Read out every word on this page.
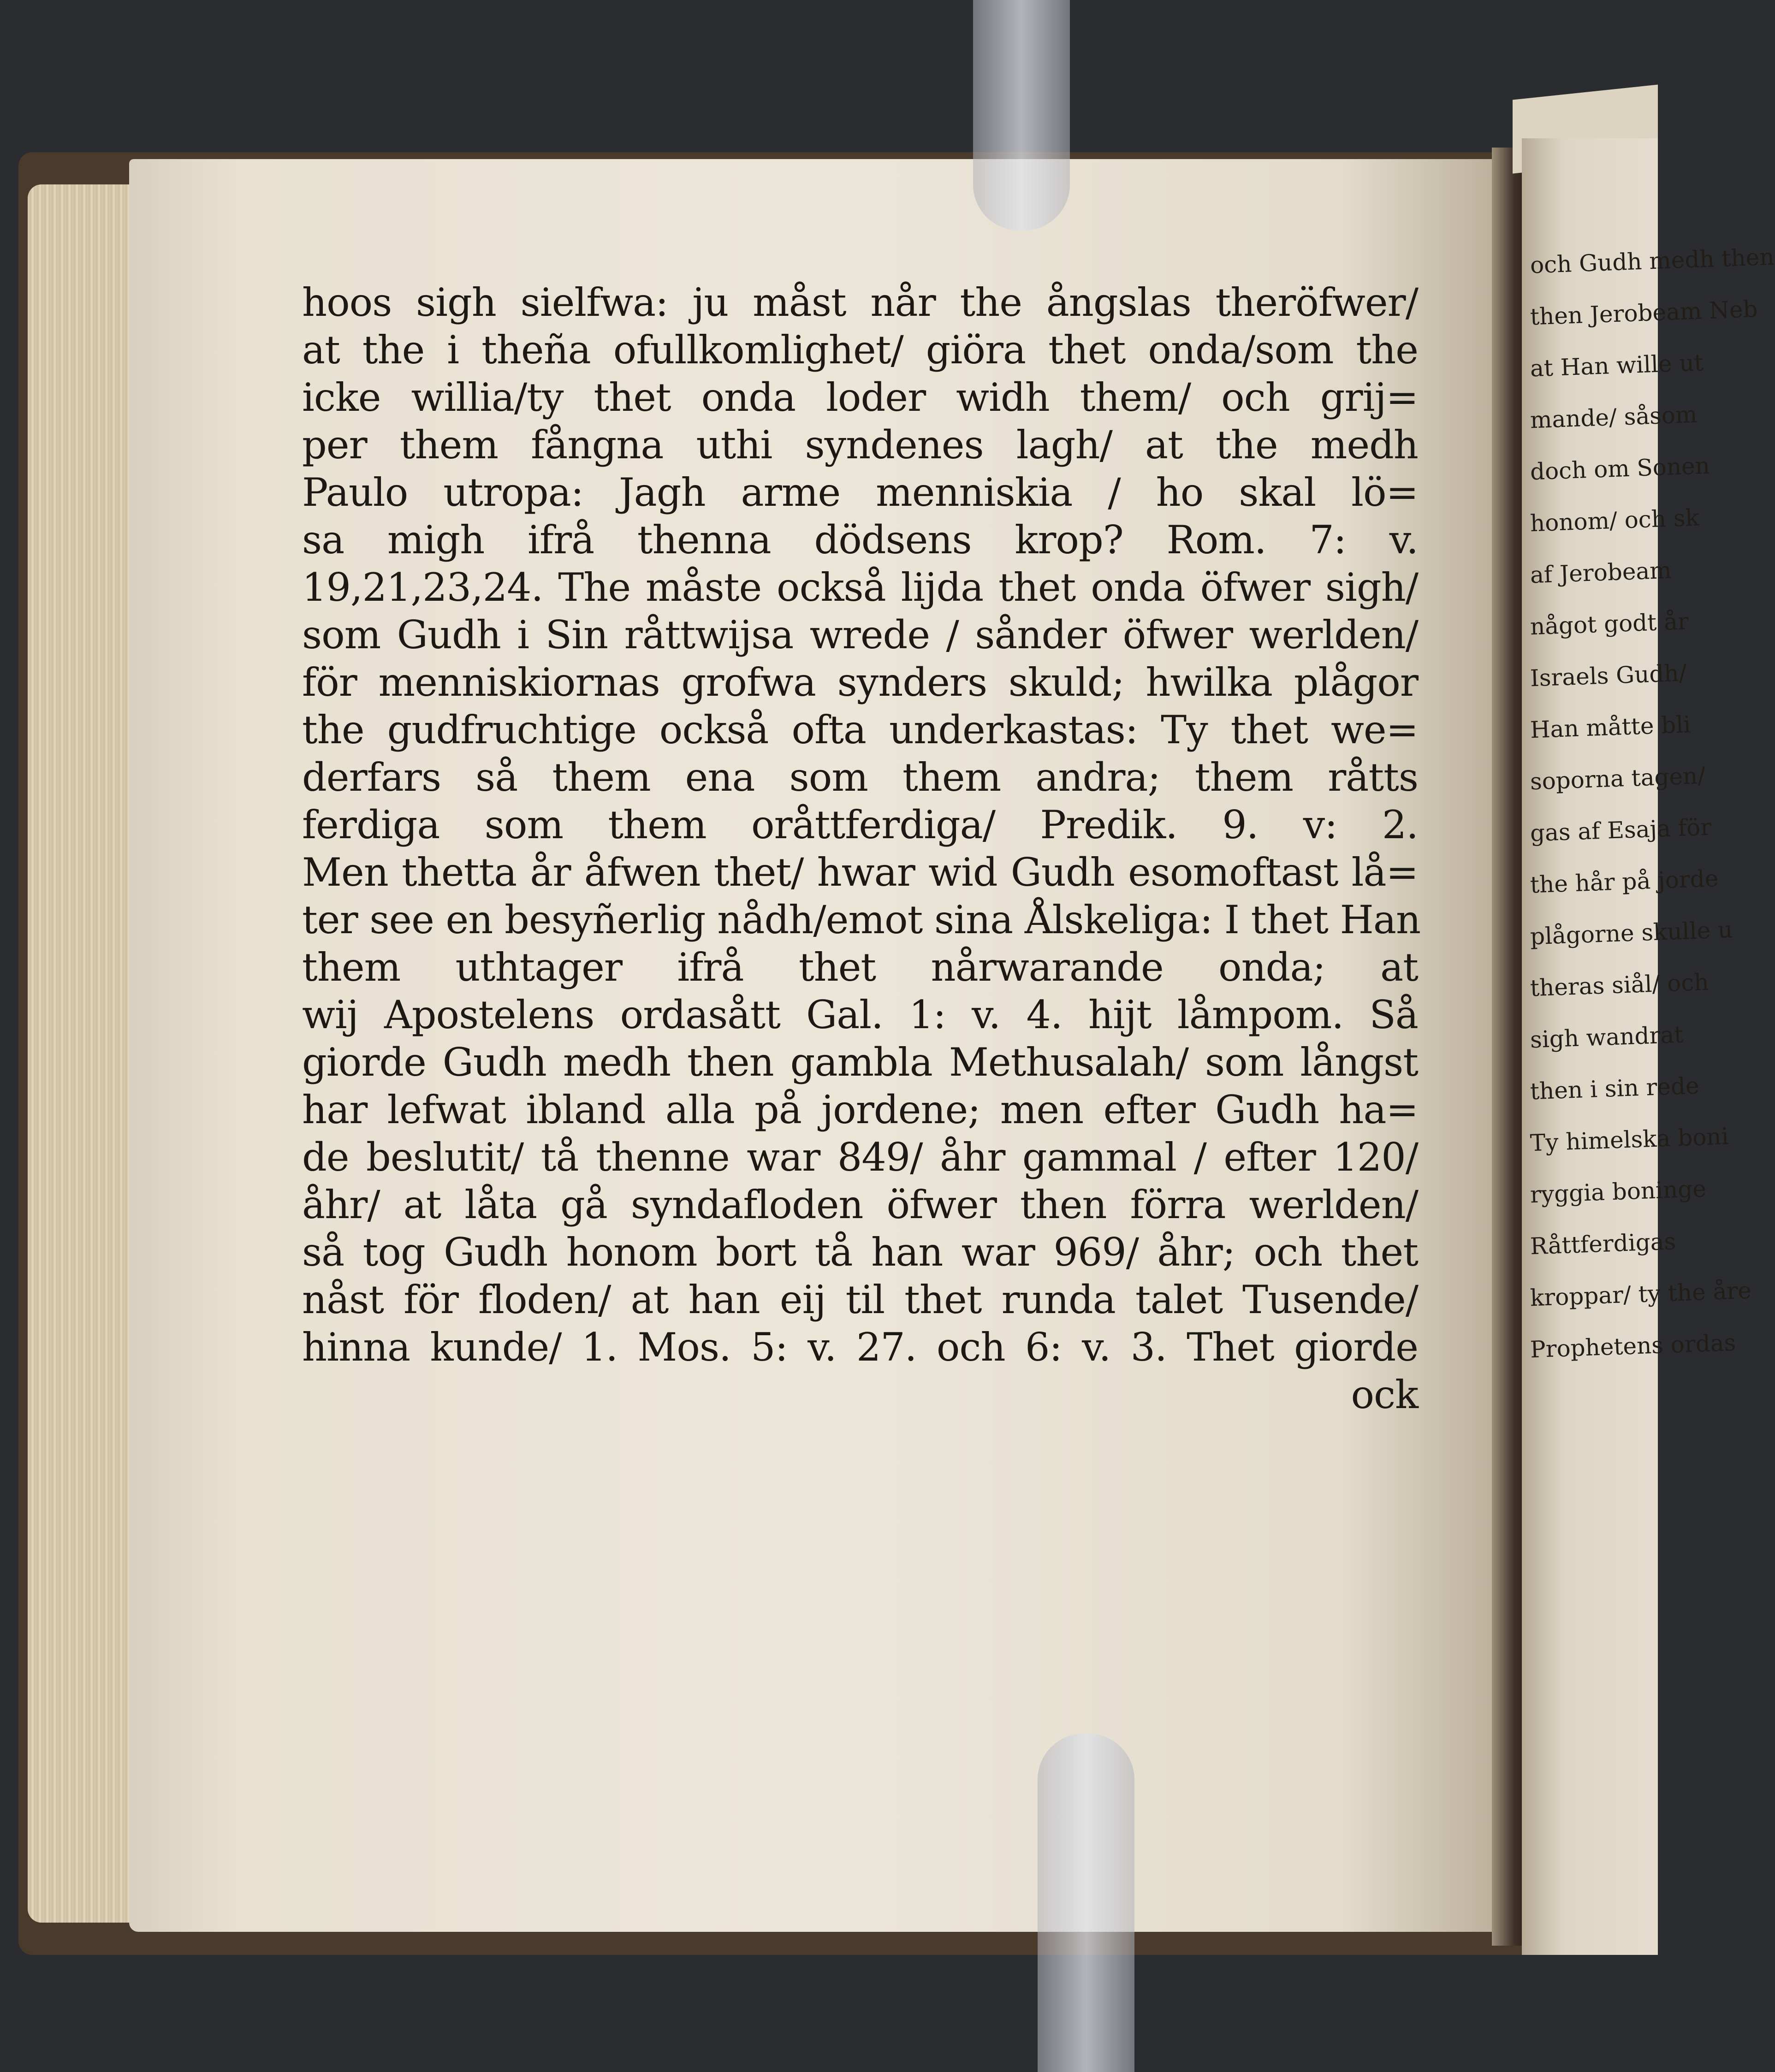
hoos sigh sielfwa: ju måst når the ångslas theröfwer/
at the i theña ofullkomlighet/ giöra thet onda/som the
icke willia/ty thet onda loder widh them/ och grij=
per them fångna uthi syndenes lagh/ at the medh
Paulo utropa: Jagh arme menniskia / ho skal lö=
sa migh ifrå thenna dödsens krop? Rom. 7: v.
19,21,23,24. The måste också lijda thet onda öfwer sigh/
som Gudh i Sin råttwijsa wrede / sånder öfwer werlden/
för menniskiornas grofwa synders skuld; hwilka plågor
the gudfruchtige också ofta underkastas: Ty thet we=
derfars så them ena som them andra; them råtts
ferdiga som them oråttferdiga/ Predik. 9. v: 2.
Men thetta år åfwen thet/ hwar wid Gudh esomoftast lå=
ter see en besyñerlig nådh/emot sina Ålskeliga: I thet Han
them uthtager ifrå thet nårwarande onda; at
wij Apostelens ordasått Gal. 1: v. 4. hijt låmpom. Så
giorde Gudh medh then gambla Methusalah/ som långst
har lefwat ibland alla på jordene; men efter Gudh ha=
de beslutit/ tå thenne war 849/ åhr gammal / efter 120/
åhr/ at låta gå syndafloden öfwer then förra werlden/
så tog Gudh honom bort tå han war 969/ åhr; och thet
nåst för floden/ at han eij til thet runda talet Tusende/
hinna kunde/ 1. Mos. 5: v. 27. och 6: v. 3. Thet giorde
ock
och Gudh medh then
then Jerobeam Neb
at Han wille ut
mande/ såsom
doch om Sonen
honom/ och sk
af Jerobeam
något godt år
Israels Gudh/
Han måtte bli
soporna tagen/
gas af Esaja för
the hår på jorde
plågorne skulle u
theras siål/ och
sigh wandrat
then i sin rede
Ty himelska boni
ryggia boninge
Råttferdigas
kroppar/ ty the åre
Prophetens ordas
